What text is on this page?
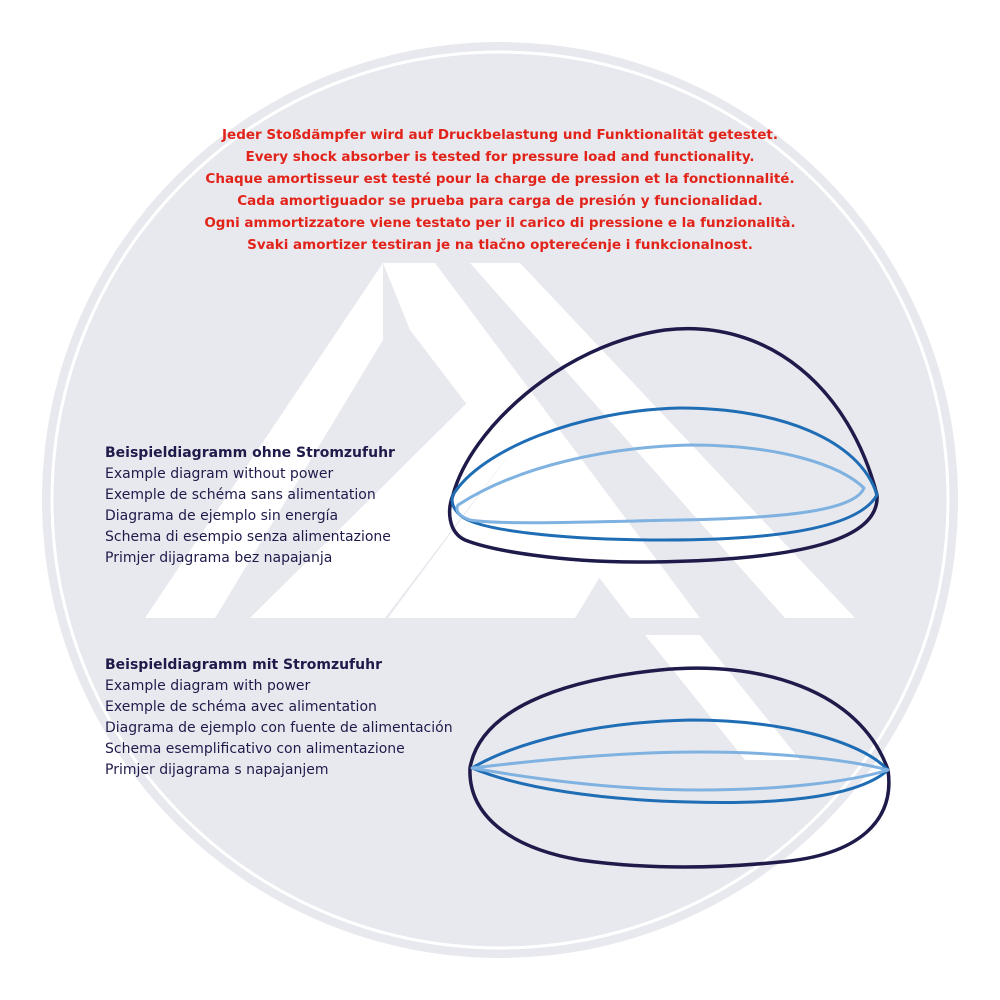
Jeder Stoßdämpfer wird auf Druckbelastung und Funktionalität getestet.
Every shock absorber is tested for pressure load and functionality.
Chaque amortisseur est testé pour la charge de pression et la fonctionnalité.
Cada amortiguador se prueba para carga de presión y funcionalidad.
Ogni ammortizzatore viene testato per il carico di pressione e la funzionalità.
Svaki amortizer testiran je na tlačno opterećenje i funkcionalnost.
Beispieldiagramm ohne Stromzufuhr
Example diagram without power
Exemple de schéma sans alimentation
Diagrama de ejemplo sin energía
Schema di esempio senza alimentazione
Primjer dijagrama bez napajanja
Beispieldiagramm mit Stromzufuhr
Example diagram with power
Exemple de schéma avec alimentation
Diagrama de ejemplo con fuente de alimentación
Schema esemplificativo con alimentazione
Primjer dijagrama s napajanjem
